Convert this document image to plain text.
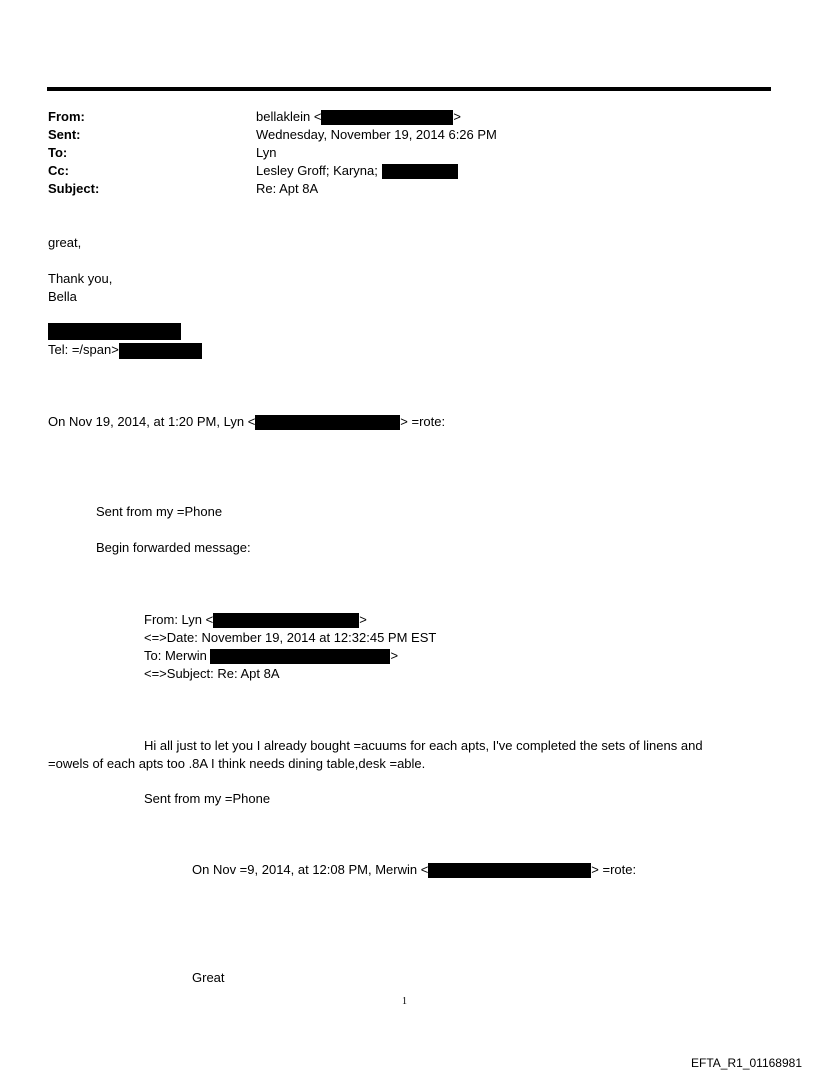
From:	bellaklein <	>
Sent:	Wednesday, November 19, 2014 6:26 PM
To:	Lyn
Cc:	Lesley Groff; Karyna;
Subject:	Re: Apt 8A
great,
Thank you,
Bella
Tel: =/span>
On Nov 19, 2014, at 1:20 PM, Lyn <	> =rote:
Sent from my =Phone
Begin forwarded message:
From: Lyn <	>
<=>Date: November 19, 2014 at 12:32:45 PM EST
To: Merwin	>
<=>Subject: Re: Apt 8A
Hi all just to let you I already bought =acuums for each apts, I've completed the sets of linens and
=owels of each apts too .8A I think needs dining table,desk =able.
Sent from my =Phone
On Nov =9, 2014, at 12:08 PM, Merwin <	> =rote:
Great
1
EFTA_R1_01168981
